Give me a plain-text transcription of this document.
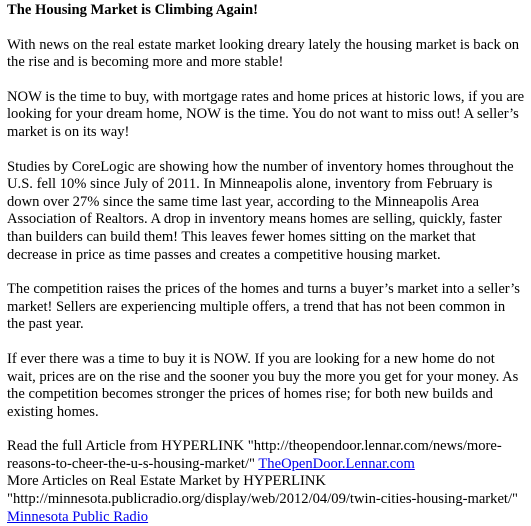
The Housing Market is Climbing Again!

With news on the real estate market looking dreary lately the housing market is back on the rise and is becoming more and more stable!

NOW is the time to buy, with mortgage rates and home prices at historic lows, if you are looking for your dream home, NOW is the time. You do not want to miss out! A seller’s market is on its way!

Studies by CoreLogic are showing how the number of inventory homes throughout the U.S. fell 10% since July of 2011. In Minneapolis alone, inventory from February is down over 27% since the same time last year, according to the Minneapolis Area Association of Realtors. A drop in inventory means homes are selling, quickly, faster than builders can build them! This leaves fewer homes sitting on the market that decrease in price as time passes and creates a competitive housing market.

The competition raises the prices of the homes and turns a buyer’s market into a seller’s market! Sellers are experiencing multiple offers, a trend that has not been common in the past year.

If ever there was a time to buy it is NOW. If you are looking for a new home do not wait, prices are on the rise and the sooner you buy the more you get for your money. As the competition becomes stronger the prices of homes rise; for both new builds and existing homes.

Read the full Article from HYPERLINK "http://theopendoor.lennar.com/news/more-reasons-to-cheer-the-u-s-housing-market/" TheOpenDoor.Lennar.com
More Articles on Real Estate Market by HYPERLINK "http://minnesota.publicradio.org/display/web/2012/04/09/twin-cities-housing-market/" Minnesota Public Radio
